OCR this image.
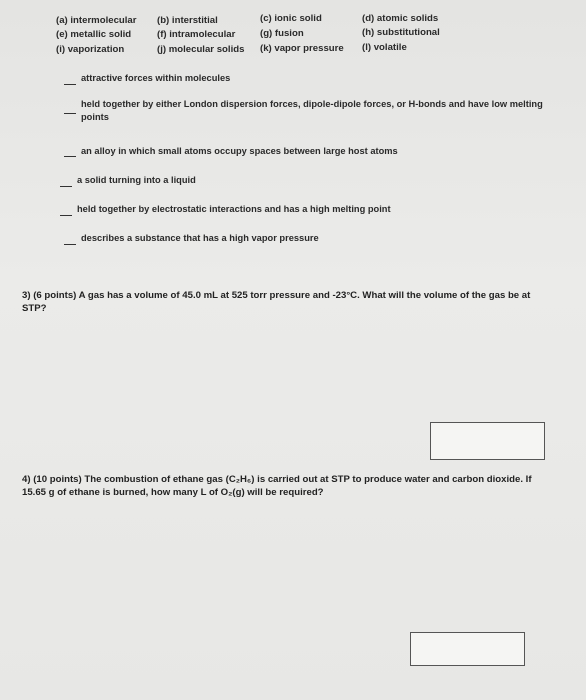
(a) intermolecular (b) interstitial	(c) ionic solid	(d) atomic solids
(e) metallic solid	(f) intramolecular	(g) fusion	(h) substitutional
(i) vaporization	(j) molecular solids (k) vapor pressure (l) volatile
attractive forces within molecules
held together by either London dispersion forces, dipole-dipole forces, or H-bonds and have low melting points
an alloy in which small atoms occupy spaces between large host atoms
a solid turning into a liquid
held together by electrostatic interactions and has a high melting point
describes a substance that has a high vapor pressure
3) (6 points) A gas has a volume of 45.0 mL at 525 torr pressure and -23°C. What will the volume of the gas be at STP?
4) (10 points) The combustion of ethane gas (C₂H₆) is carried out at STP to produce water and carbon dioxide. If 15.65 g of ethane is burned, how many L of O₂(g) will be required?
